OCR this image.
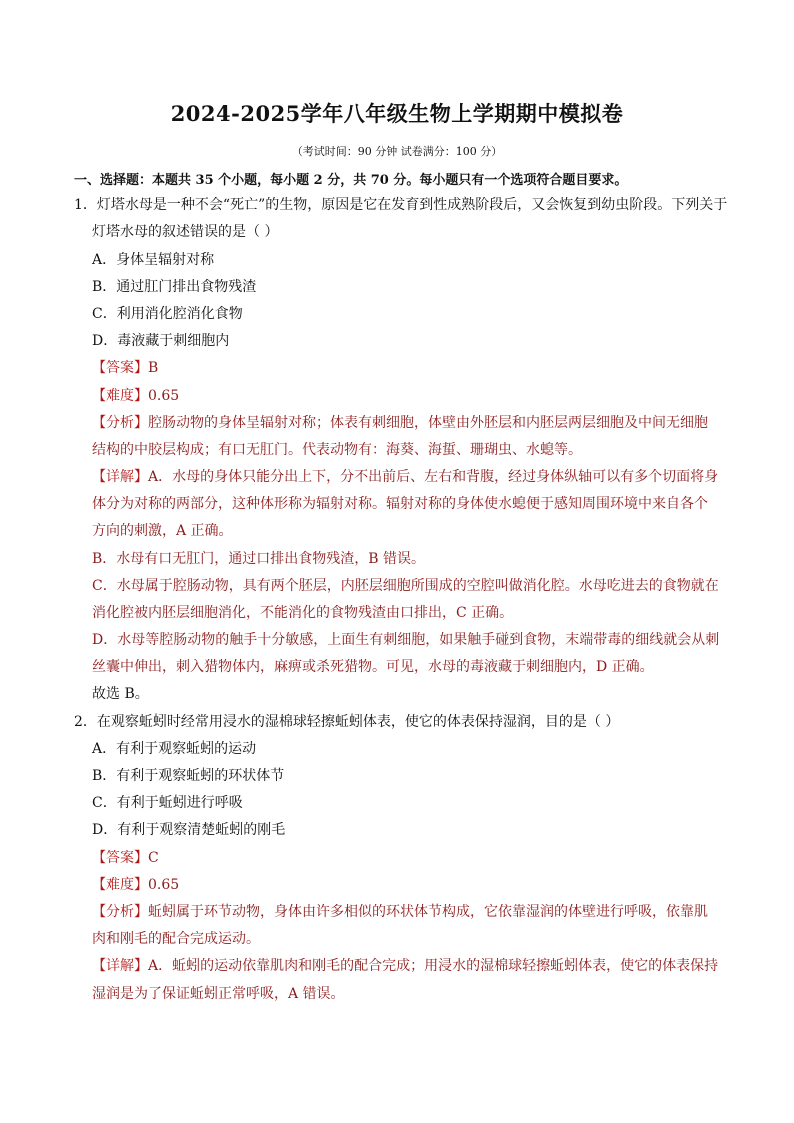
2024-2025学年八年级生物上学期期中模拟卷
（考试时间：90 分钟 试卷满分：100 分）
一、选择题：本题共 35 个小题，每小题 2 分，共 70 分。每小题只有一个选项符合题目要求。
1．灯塔水母是一种不会“死亡”的生物，原因是它在发育到性成熟阶段后，又会恢复到幼虫阶段。下列关于
灯塔水母的叙述错误的是（ ）
A．身体呈辐射对称
B．通过肛门排出食物残渣
C．利用消化腔消化食物
D．毒液藏于刺细胞内
【答案】B
【难度】0.65
【分析】腔肠动物的身体呈辐射对称；体表有刺细胞，体壁由外胚层和内胚层两层细胞及中间无细胞
结构的中胶层构成；有口无肛门。代表动物有：海葵、海蜇、珊瑚虫、水螅等。
【详解】A．水母的身体只能分出上下，分不出前后、左右和背腹，经过身体纵轴可以有多个切面将身
体分为对称的两部分，这种体形称为辐射对称。辐射对称的身体使水螅便于感知周围环境中来自各个
方向的刺激，A 正确。
B．水母有口无肛门，通过口排出食物残渣，B 错误。
C．水母属于腔肠动物，具有两个胚层，内胚层细胞所围成的空腔叫做消化腔。水母吃进去的食物就在
消化腔被内胚层细胞消化，不能消化的食物残渣由口排出，C 正确。
D．水母等腔肠动物的触手十分敏感，上面生有刺细胞，如果触手碰到食物，末端带毒的细线就会从刺
丝囊中伸出，刺入猎物体内，麻痹或杀死猎物。可见，水母的毒液藏于刺细胞内，D 正确。
故选 B。
2．在观察蚯蚓时经常用浸水的湿棉球轻擦蚯蚓体表，使它的体表保持湿润，目的是（ ）
A．有利于观察蚯蚓的运动
B．有利于观察蚯蚓的环状体节
C．有利于蚯蚓进行呼吸
D．有利于观察清楚蚯蚓的刚毛
【答案】C
【难度】0.65
【分析】蚯蚓属于环节动物，身体由许多相似的环状体节构成，它依靠湿润的体壁进行呼吸，依靠肌
肉和刚毛的配合完成运动。
【详解】A．蚯蚓的运动依靠肌肉和刚毛的配合完成；用浸水的湿棉球轻擦蚯蚓体表，使它的体表保持
湿润是为了保证蚯蚓正常呼吸，A 错误。
